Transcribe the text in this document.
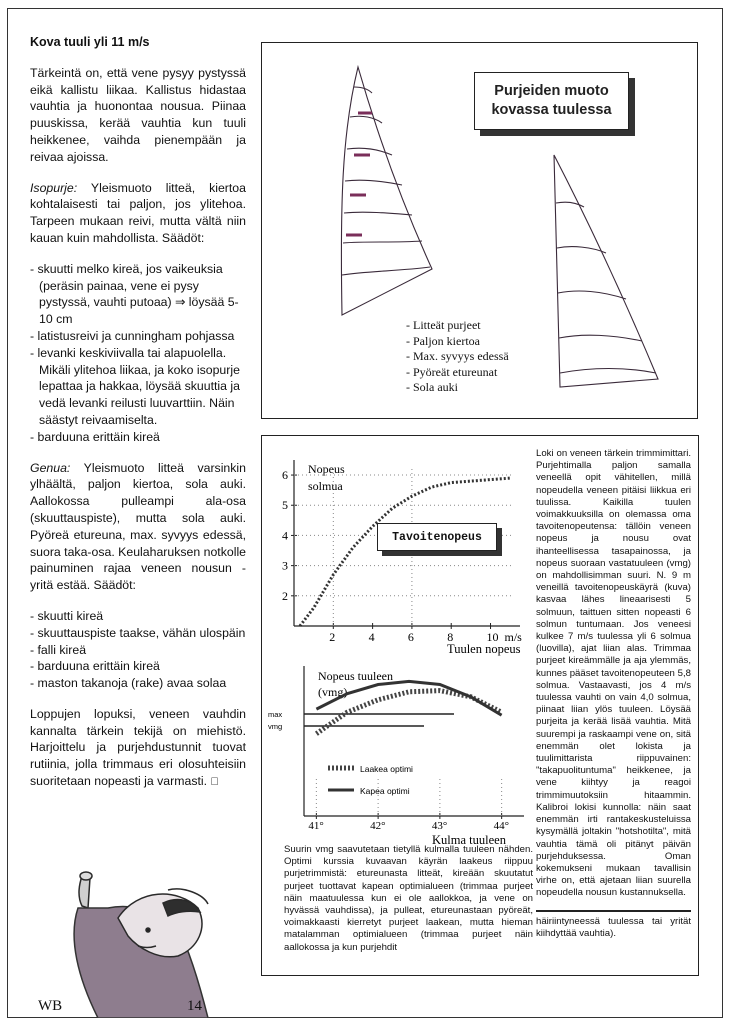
Kova tuuli yli 11 m/s

Tärkeintä on, että vene pysyy pystyssä eikä kallistu liikaa. Kallistus hidastaa vauhtia ja huonontaa nousua. Piinaa puuskissa, kerää vauhtia kun tuuli heikkenee, vaihda pienempään ja reivaa ajoissa.

Isopurje: Yleismuoto litteä, kiertoa kohtalaisesti tai paljon, jos ylitehoa. Tarpeen mukaan reivi, mutta vältä niin kauan kuin mahdollista. Säädöt:

- skuutti melko kireä, jos vaikeuksia (peräsin painaa, vene ei pysy pystyssä, vauhti putoaa) ⇒ löysää 5-10 cm
- latistusreivi ja cunningham pohjassa
- levanki keskiviivalla tai alapuolella. Mikäli ylitehoa liikaa, ja koko isopurje lepattaa ja hakkaa, löysää skuuttia ja vedä levanki reilusti luuvarttiin. Näin säästyt reivaamiselta.
- barduuna erittäin kireä

Genua: Yleismuoto litteä varsinkin ylhäältä, paljon kiertoa, sola auki. Aallokossa pulleampi ala-osa (skuuttauspiste), mutta sola auki. Pyöreä etureuna, max. syvyys edessä, suora taka-osa. Keulaharuksen notkolle painuminen rajaa veneen nousun - yritä estää. Säädöt:

- skuutti kireä
- skuuttauspiste taakse, vähän ulospäin
- falli kireä
- barduuna erittäin kireä
- maston takanoja (rake) avaa solaa

Loppujen lopuksi, veneen vauhdin kannalta tärkein tekijä on miehistö. Harjoittelu ja purjehdustunnit tuovat rutiinia, jolla trimmaus eri olosuhteisiin suoritetaan nopeasti ja varmasti.

Purjeiden muoto
kovassa tuulessa
- Litteät purjeet
- Paljon kiertoa
- Max. syvyys edessä
- Pyöreät etureunat
- Sola auki
2
3
4
5
6
2	4	6	8	10 m/s
Nopeus
solmua
Tuulen nopeus
Tavoitenopeus
Nopeus tuuleen
(vmg)
max
vmg
41°	42°	43°	44°
Kulma tuuleen
Laakea optimi
Kapea optimi
Suurin vmg saavutetaan tietyllä kulmalla tuuleen nähden. Optimi kurssia kuvaavan käyrän laakeus riippuu purjetrimmistä: etureunasta litteät, kireään skuutatut purjeet tuottavat kapean optimialueen (trimmaa purjeet näin maatuulessa kun ei ole aallokkoa, ja vene on hyvässä vauhdissa), ja pulleat, etureunastaan pyöreät, voimakkaasti kierretyt purjeet laakean, mutta hieman matalamman optimialueen (trimmaa purjeet näin aallokossa ja kun purjehdit
Loki on veneen tärkein trimmimittari. Purjehtimalla paljon samalla veneellä opit vähitellen, millä nopeudella veneen pitäisi liikkua eri tuulissa. Kaikilla tuulen voimakkuuksilla on olemassa oma tavoitenopeutensa: tällöin veneen nopeus ja nousu ovat ihanteellisessa tasapainossa, ja nopeus suoraan vastatuuleen (vmg) on mahdollisimman suuri. N. 9 m veneillä tavoitenopeuskäyrä (kuva) kasvaa lähes lineaarisesti 5 solmuun, taittuen sitten nopeasti 6 solmun tuntumaan. Jos veneesi kulkee 7 m/s tuulessa yli 6 solmua (luovilla), ajat liian alas. Trimmaa purjeet kireämmälle ja aja ylemmäs, kunnes pääset tavoitenopeuteen 5,8 solmua. Vastaavasti, jos 4 m/s tuulessa vauhti on vain 4,0 solmua, piinaat liian ylös tuuleen. Löysää purjeita ja kerää lisää vauhtia. Mitä suurempi ja raskaampi vene on, sitä enemmän olet lokista ja tuulimittarista riippuvainen: "takapuolituntuma" heikkenee, ja vene kiihtyy ja reagoi trimmimuutoksiin hitaammin. Kalibroi lokisi kunnolla: näin saat enemmän irti rantakeskusteluissa kysymällä joltakin "hotshotilta", mitä vauhtia tämä oli pitänyt päivän purjehduksessa. Oman kokemukseni mukaan tavallisin virhe on, että ajetaan liian suurella nopeudella nousun kustannuksella.
häiriintyneessä tuulessa tai yrität kiihdyttää vauhtia).
WB	14
